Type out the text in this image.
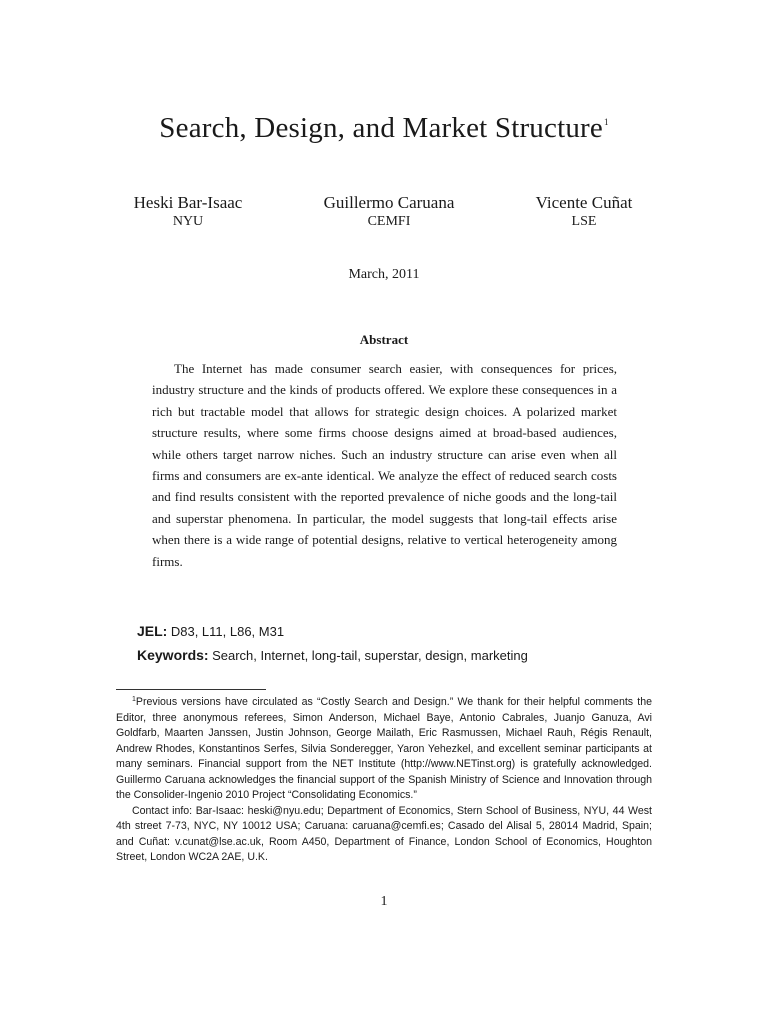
Search, Design, and Market Structure$^1$
Heski Bar-Isaac
NYU
Guillermo Caruana
CEMFI
Vicente Cuñat
LSE
March, 2011
Abstract

The Internet has made consumer search easier, with consequences for prices, industry structure and the kinds of products offered. We explore these consequences in a rich but tractable model that allows for strategic design choices. A polarized market structure results, where some firms choose designs aimed at broad-based audiences, while others target narrow niches. Such an industry structure can arise even when all firms and consumers are ex-ante identical. We analyze the effect of reduced search costs and find results consistent with the reported prevalence of niche goods and the long-tail and superstar phenomena. In particular, the model suggests that long-tail effects arise when there is a wide range of potential designs, relative to vertical heterogeneity among firms.

JEL: D83, L11, L86, M31
Keywords: Search, Internet, long-tail, superstar, design, marketing

$^1$Previous versions have circulated as “Costly Search and Design.” We thank for their helpful comments the Editor, three anonymous referees, Simon Anderson, Michael Baye, Antonio Cabrales, Juanjo Ganuza, Avi Goldfarb, Maarten Janssen, Justin Johnson, George Mailath, Eric Rasmussen, Michael Rauh, Régis Renault, Andrew Rhodes, Konstantinos Serfes, Silvia Sonderegger, Yaron Yehezkel, and excellent seminar participants at many seminars. Financial support from the NET Institute (http://www.NETinst.org) is gratefully acknowledged. Guillermo Caruana acknowledges the financial support of the Spanish Ministry of Science and Innovation through the Consolider-Ingenio 2010 Project “Consolidating Economics.”

Contact info: Bar-Isaac: heski@nyu.edu; Department of Economics, Stern School of Business, NYU, 44 West 4th street 7-73, NYC, NY 10012 USA; Caruana: caruana@cemfi.es; Casado del Alisal 5, 28014 Madrid, Spain; and Cuñat: v.cunat@lse.ac.uk, Room A450, Department of Finance, London School of Economics, Houghton Street, London WC2A 2AE, U.K.

1
